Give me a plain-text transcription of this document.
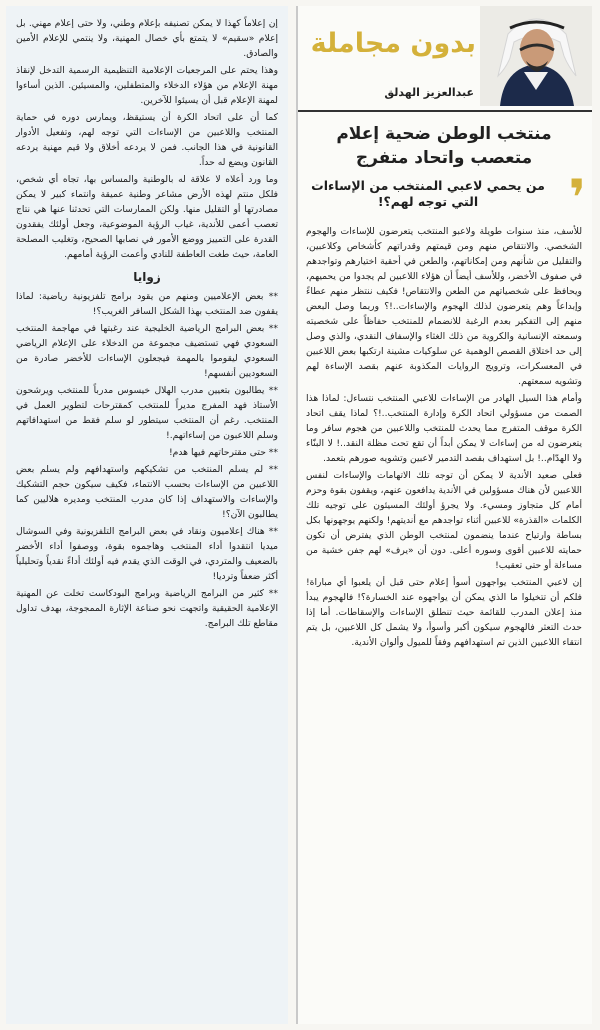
بدون مجاملة
عبدالعزيز الهدلق
منتخب الوطن ضحية إعلام
متعصب واتحاد متفرج
❜
من يحمي لاعبي المنتخب من الإساءات التي توجه لهم؟!

للأسف، منذ سنوات طويلة ولاعبو المنتخب يتعرضون للإساءات والهجوم الشخصي. والانتقاص منهم ومن قيمتهم وقدراتهم كأشخاص وكلاعبين، والتقليل من شأنهم ومن إمكاناتهم، والطعن في أحقية اختيارهم وتواجدهم في صفوف الأخضر، وللأسف أيضاً أن هؤلاء اللاعبين لم يجدوا من يحميهم، ويحافظ على شخصياتهم من الطعن والانتقاص! فكيف ننتظر منهم عطاءً وإبداعاً وهم يتعرضون لذلك الهجوم والإساءات..!؟ وربما وصل البعض منهم إلى التفكير بعدم الرغبة للانضمام للمنتخب حفاظاً على شخصيته وسمعته الإنسانية والكروية من ذلك الغثاء والإسفاف النقدي، والذي وصل إلى حد اختلاق القصص الوهمية عن سلوكيات مشينة ارتكبها بعض اللاعبين في المعسكرات، وترويج الروايات المكذوبة عنهم بقصد الإساءة لهم وتشويه سمعتهم.

وأمام هذا السيل الهادر من الإساءات للاعبي المنتخب نتساءل: لماذا هذا الصمت من مسؤولي اتحاد الكرة وإدارة المنتخب..!؟ لماذا يقف اتحاد الكرة موقف المتفرج مما يحدث للمنتخب واللاعبين من هجوم سافر وما يتعرضون له من إساءات لا يمكن أبداً أن تقع تحت مظلة النقد..! لا البنّاء ولا الهدّام..! بل استهداف بقصد التدمير لاعبين وتشويه صورهم بتعمد.

فعلى صعيد الأندية لا يمكن أن توجه تلك الاتهامات والإساءات لنفس اللاعبين لأن هناك مسؤولين في الأندية يدافعون عنهم، ويقفون بقوة وحزم أمام كل متجاوز ومسيء. ولا يجرؤ أولئك المسيئون على توجيه تلك الكلمات «القذرة» للاعبين أثناء تواجدهم مع أنديتهم! ولكنهم يوجهونها بكل بساطة وارتياح عندما ينضمون لمنتخب الوطن الذي يفترض أن تكون حمايته للاعبين أقوى وسوره أعلى. دون أن «يرف» لهم جفن خشية من مساءلة أو حتى تعقيب!

إن لاعبي المنتخب يواجهون أسوأ إعلام حتى قبل أن يلعبوا أي مباراة! فلكم أن تتخيلوا ما الذي يمكن أن يواجهوه عند الخسارة؟! فالهجوم يبدأ منذ إعلان المدرب للقائمة حيث تنطلق الإساءات والإسقاطات. أما إذا حدث التعثر فالهجوم سيكون أكبر وأسوأ، ولا يشمل كل اللاعبين، بل يتم انتقاء اللاعبين الذين تم استهدافهم وفقاً للميول وألوان الأندية.

إن إعلاماً كهذا لا يمكن تصنيفه بإعلام وطني، ولا حتى إعلام مهني. بل إعلام «سقيم» لا يتمتع بأي خصال المهنية، ولا ينتمي للإعلام الأمين والصادق.

وهذا يحتم على المرجعيات الإعلامية التنظيمية الرسمية التدخل لإنقاذ مهنة الإعلام من هؤلاء الدخلاء والمتطفلين، والمسيئين. الذين أساءوا لمهنة الإعلام قبل أن يسيئوا للآخرين.

كما أن على اتحاد الكرة أن يستيقظ، ويمارس دوره في حماية المنتخب واللاعبين من الإساءات التي توجه لهم، وتفعيل الأدوار القانونية في هذا الجانب. فمن لا يردعه أخلاق ولا قيم مهنية يردعه القانون ويضع له حداً.

وما ورد أعلاه لا علاقة له بالوطنية والمساس بها، تجاه أي شخص، فلكل منتم لهذه الأرض مشاعر وطنية عميقة وانتماء كبير لا يمكن مصادرتها أو التقليل منها. ولكن الممارسات التي تحدثنا عنها هي نتاج تعصب أعمى للأندية، غياب الرؤية الموضوعية، وجعل أولئك يفقدون القدرة على التمييز ووضع الأمور في نصابها الصحيح، وتغليب المصلحة العامة، حيث طغت العاطفة للنادي وأعمت الرؤية أمامهم.

زوايا

** بعض الإعلاميين ومنهم من يقود برامج تلفزيونية رياضية: لماذا يقفون ضد المنتخب بهذا الشكل السافر الغريب؟!

** بعض البرامج الرياضية الخليجية عند رغبتها في مهاجمة المنتخب السعودي فهي تستضيف مجموعة من الدخلاء على الإعلام الرياضي السعودي ليقوموا بالمهمة فيجعلون الإساءات للأخضر صادرة من السعوديين أنفسهم!

** يطالبون بتعيين مدرب الهلال خيسوس مدرباً للمنتخب ويرشحون الأستاذ فهد المفرج مديراً للمنتخب كمقترحات لتطوير العمل في المنتخب. رغم أن المنتخب سيتطور لو سلم فقط من استهدافاتهم وسلم اللاعبون من إساءاتهم.!

** حتى مقترحاتهم فيها هدم!

** لم يسلم المنتخب من تشكيكهم واستهدافهم ولم يسلم بعض اللاعبين من الإساءات بحسب الانتماء، فكيف سيكون حجم التشكيك والإساءات والاستهداف إذا كان مدرب المنتخب ومديره هلاليين كما يطالبون الآن؟!

** هناك إعلاميون ونقاد في بعض البرامج التلفزيونية وفي السوشال ميديا انتقدوا أداء المنتخب وهاجموه بقوة، ووصفوا أداء الأخضر بالضعيف والمتردي، في الوقت الذي يقدم فيه أولئك أداءً نقدياً وتحليلياً أكثر ضعفاً وترديا!

** كثير من البرامج الرياضية وبرامج البودكاست تخلت عن المهنية الإعلامية الحقيقية واتجهت نحو صناعة الإثارة الممجوجة، بهدف تداول مقاطع تلك البرامج.
